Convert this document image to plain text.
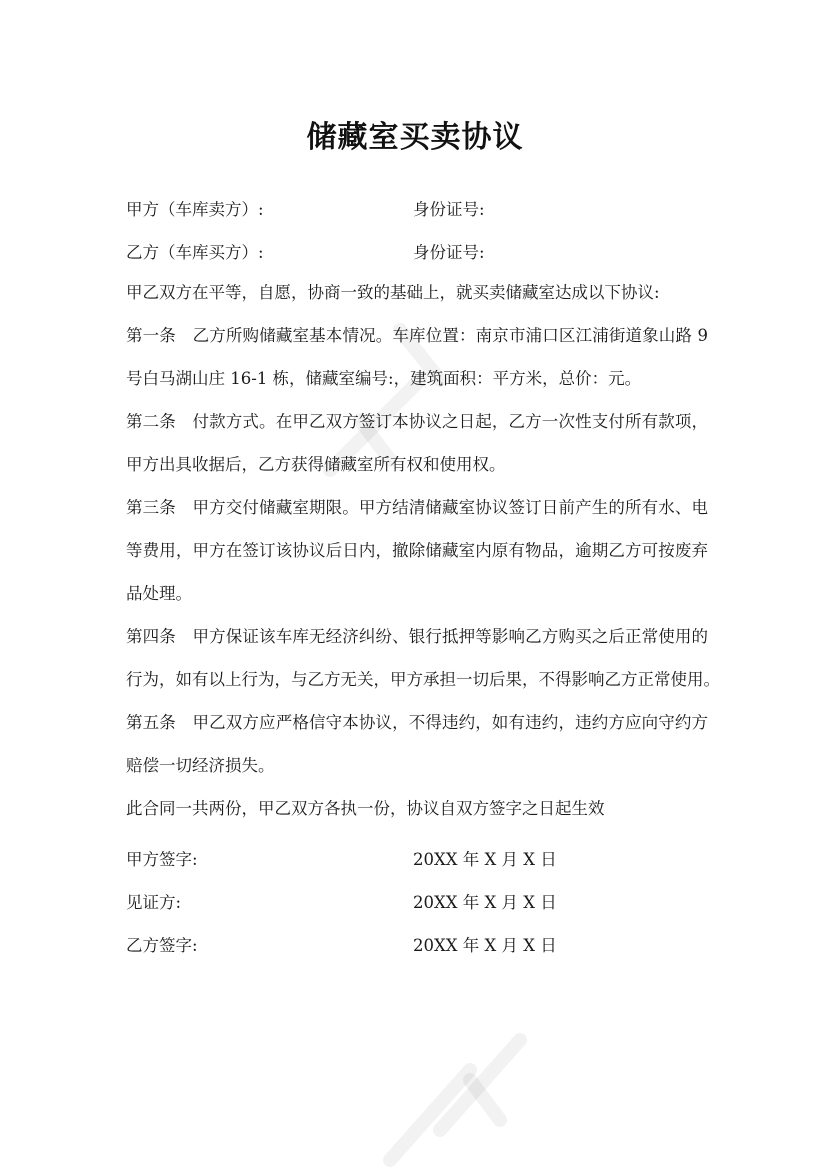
储藏室买卖协议
甲方（车库卖方）:	身份证号:
乙方（车库买方）:	身份证号:
甲乙双方在平等，自愿，协商一致的基础上，就买卖储藏室达成以下协议:
第一条　乙方所购储藏室基本情况。车库位置：南京市浦口区江浦街道象山路 9
号白马湖山庄 16-1 栋，储藏室编号:，建筑面积：平方米，总价：元。
第二条　付款方式。在甲乙双方签订本协议之日起，乙方一次性支付所有款项，
甲方出具收据后，乙方获得储藏室所有权和使用权。
第三条　甲方交付储藏室期限。甲方结清储藏室协议签订日前产生的所有水、电
等费用，甲方在签订该协议后日内，撤除储藏室内原有物品，逾期乙方可按废弃
品处理。
第四条　甲方保证该车库无经济纠纷、银行抵押等影响乙方购买之后正常使用的
行为，如有以上行为，与乙方无关，甲方承担一切后果，不得影响乙方正常使用。
第五条　甲乙双方应严格信守本协议，不得违约，如有违约，违约方应向守约方
赔偿一切经济损失。
此合同一共两份，甲乙双方各执一份，协议自双方签字之日起生效
甲方签字:	20XX 年 X 月 X 日
见证方:	20XX 年 X 月 X 日
乙方签字:	20XX 年 X 月 X 日
